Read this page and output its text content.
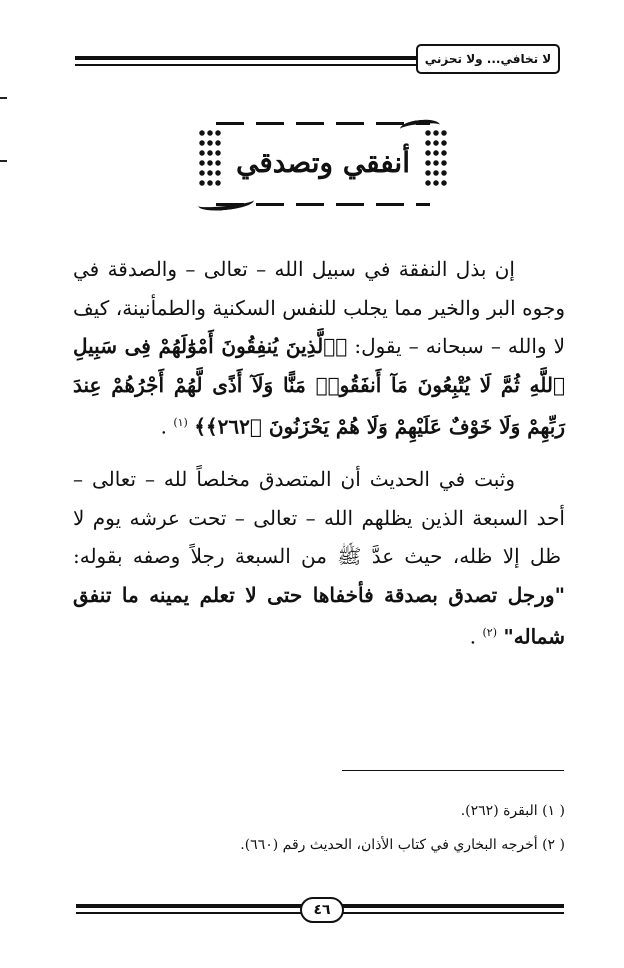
لا تخافي... ولا تحزني
أنفقي وتصدقي

إن بذل النفقة في سبيل الله – تعالى – والصدقة في وجوه البر والخير مما يجلب للنفس السكنية والطمأنينة، كيف لا والله – سبحانه – يقول: ﴿ٱلَّذِينَ يُنفِقُونَ أَمْوَٰلَهُمْ فِى سَبِيلِ ٱللَّهِ ثُمَّ لَا يُتْبِعُونَ مَآ أَنفَقُوا۟ مَنًّا وَلَآ أَذًى لَّهُمْ أَجْرُهُمْ عِندَ رَبِّهِمْ وَلَا خَوْفٌ عَلَيْهِمْ وَلَا هُمْ يَحْزَنُونَ ﴿٢٦٢﴾﴾ $^{(١)}$ .

وثبت في الحديث أن المتصدق مخلصاً لله – تعالى – أحد السبعة الذين يظلهم الله – تعالى – تحت عرشه يوم لا ظل إلا ظله، حيث عدَّ ﷺ من السبعة رجلاً وصفه بقوله: "ورجل تصدق بصدقة فأخفاها حتى لا تعلم يمينه ما تنفق شماله" $^{(٢)}$ .

( ١) البقرة (٢٦٢).

( ٢) أخرجه البخاري في كتاب الأذان، الحديث رقم (٦٦٠).

٤٦
